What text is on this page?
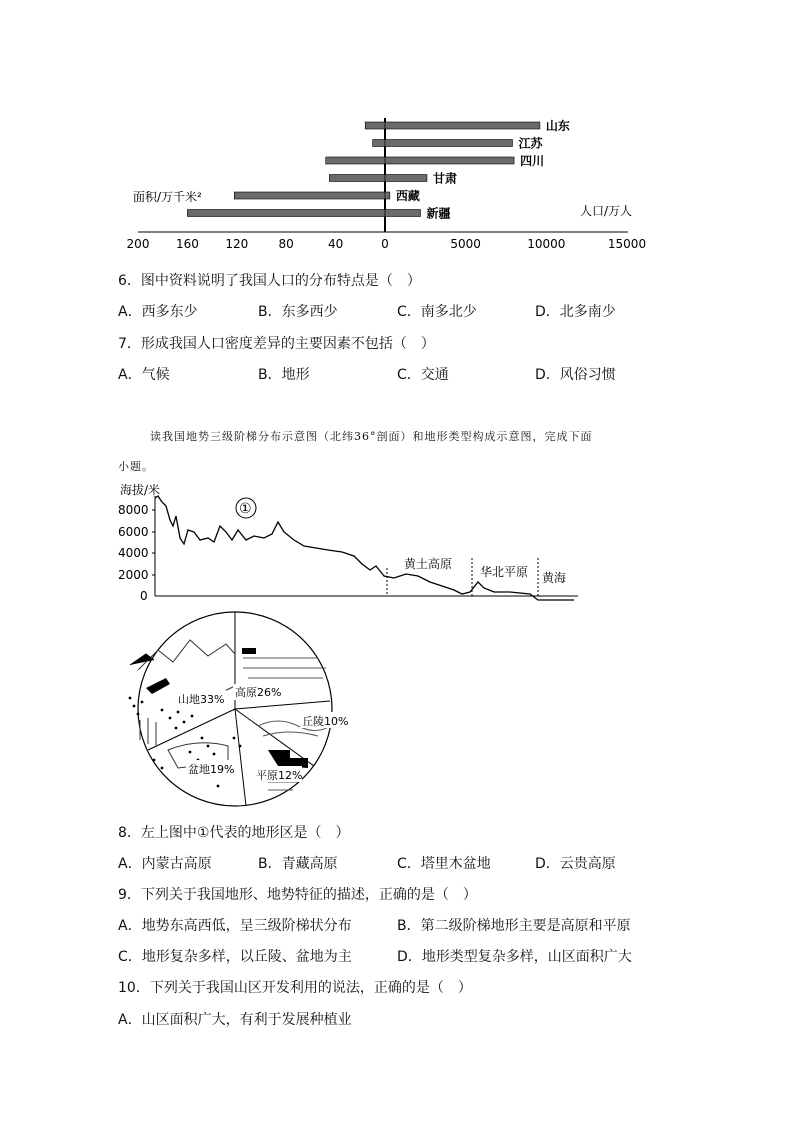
面积/万千米²
人口/万人
山东
江苏
四川
甘肃
西藏
新疆
200 160 120	80	40	0	5000	10000	15000
6．图中资料说明了我国人口的分布特点是（　）
A．西多东少	B．东多西少	C．南多北少	D．北多南少
7．形成我国人口密度差异的主要因素不包括（　）
A．气候	B．地形	C．交通	D．风俗习惯
读我国地势三级阶梯分布示意图（北纬36°剖面）和地形类型构成示意图，完成下面
小题。
海拔/米
8000
6000
4000
2000
0
①
黄土高原
华北平原 黄海
山地33%
高原26%
丘陵10%
平原12%
盆地19%
8．左上图中①代表的地形区是（　）
A．内蒙古高原	B．青藏高原	C．塔里木盆地	D．云贵高原
9．下列关于我国地形、地势特征的描述，正确的是（　）
A．地势东高西低，呈三级阶梯状分布	B．第二级阶梯地形主要是高原和平原
C．地形复杂多样，以丘陵、盆地为主	D．地形类型复杂多样，山区面积广大
10．下列关于我国山区开发利用的说法，正确的是（　）
A．山区面积广大，有利于发展种植业
